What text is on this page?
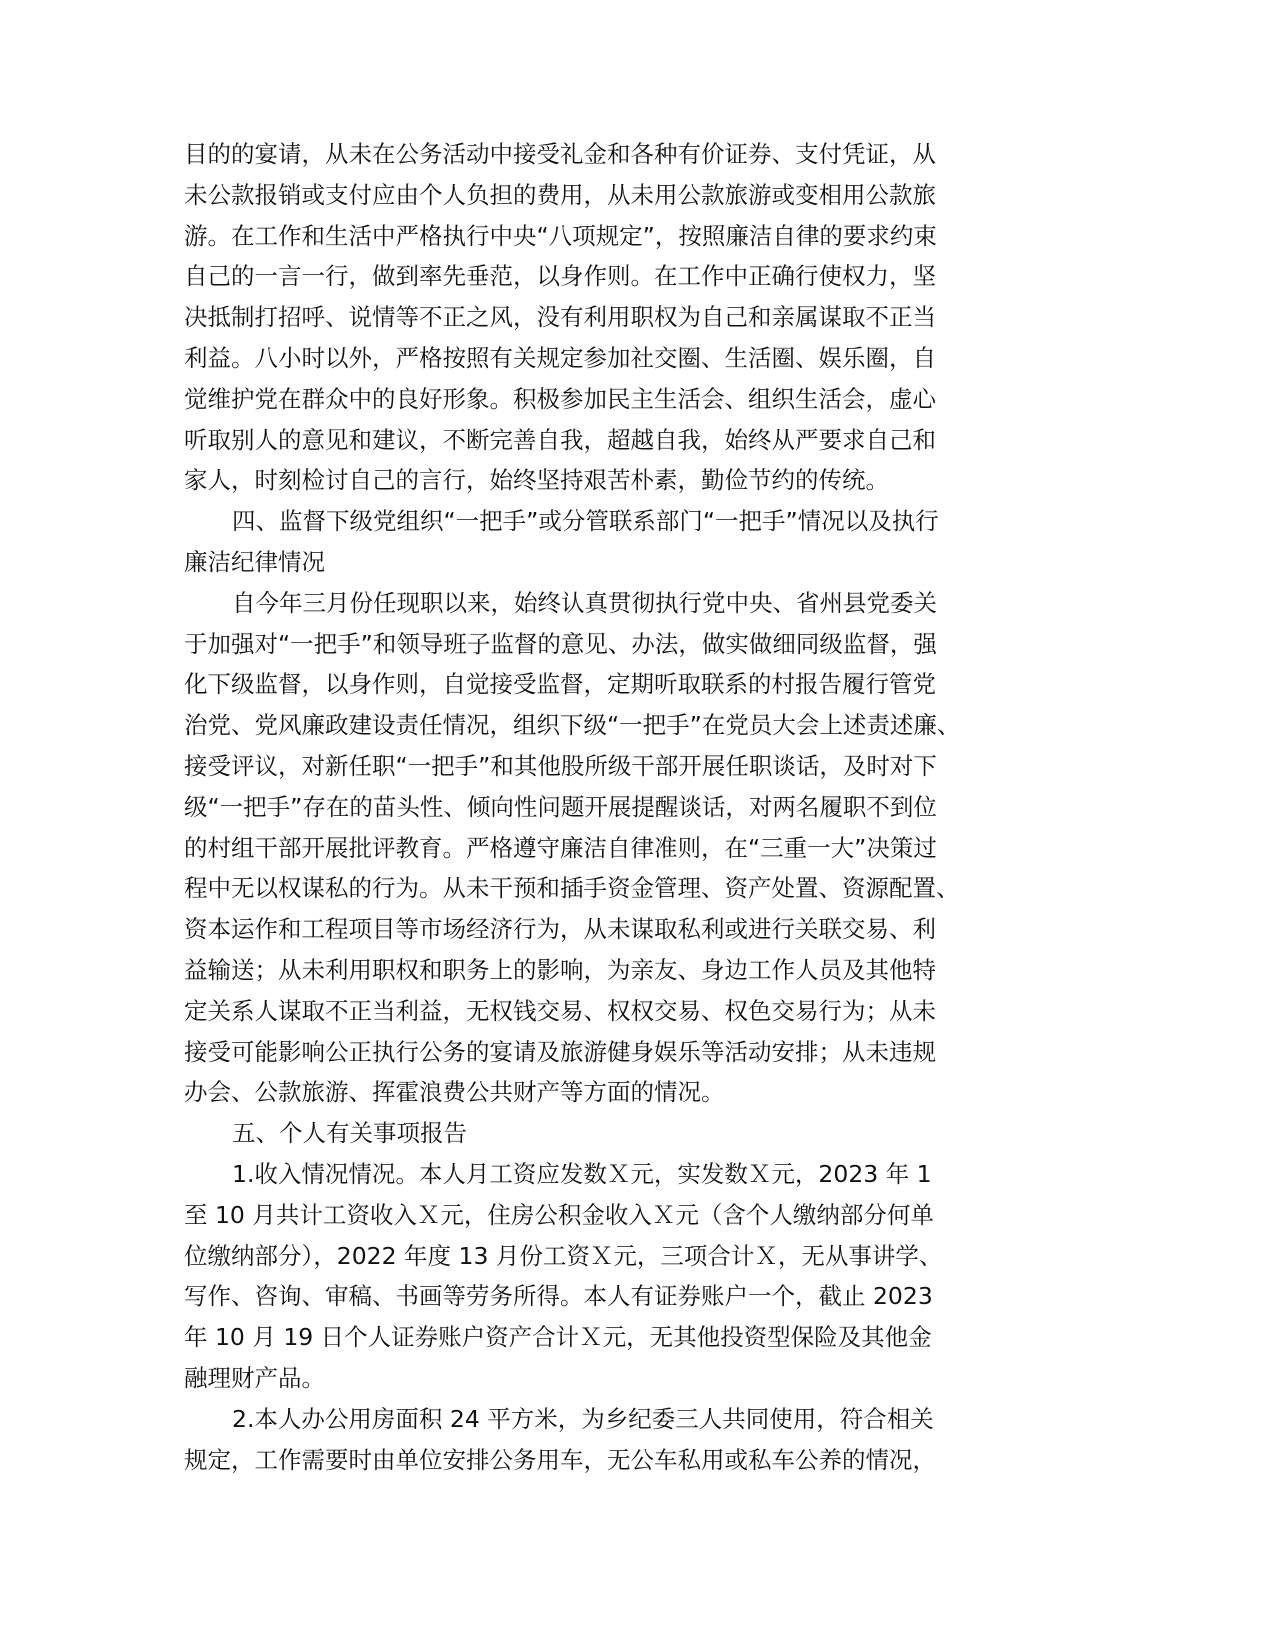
目的的宴请，从未在公务活动中接受礼金和各种有价证券、支付凭证，从
未公款报销或支付应由个人负担的费用，从未用公款旅游或变相用公款旅
游。在工作和生活中严格执行中央“八项规定”，按照廉洁自律的要求约束
自己的一言一行，做到率先垂范，以身作则。在工作中正确行使权力，坚
决抵制打招呼、说情等不正之风，没有利用职权为自己和亲属谋取不正当
利益。八小时以外，严格按照有关规定参加社交圈、生活圈、娱乐圈，自
觉维护党在群众中的良好形象。积极参加民主生活会、组织生活会，虚心
听取别人的意见和建议，不断完善自我，超越自我，始终从严要求自己和
家人，时刻检讨自己的言行，始终坚持艰苦朴素，勤俭节约的传统。
四、监督下级党组织“一把手”或分管联系部门“一把手”情况以及执行
廉洁纪律情况
自今年三月份任现职以来，始终认真贯彻执行党中央、省州县党委关
于加强对“一把手”和领导班子监督的意见、办法，做实做细同级监督，强
化下级监督，以身作则，自觉接受监督，定期听取联系的村报告履行管党
治党、党风廉政建设责任情况，组织下级“一把手”在党员大会上述责述廉、
接受评议，对新任职“一把手”和其他股所级干部开展任职谈话，及时对下
级“一把手”存在的苗头性、倾向性问题开展提醒谈话，对两名履职不到位
的村组干部开展批评教育。严格遵守廉洁自律准则，在“三重一大”决策过
程中无以权谋私的行为。从未干预和插手资金管理、资产处置、资源配置、
资本运作和工程项目等市场经济行为，从未谋取私利或进行关联交易、利
益输送；从未利用职权和职务上的影响，为亲友、身边工作人员及其他特
定关系人谋取不正当利益，无权钱交易、权权交易、权色交易行为；从未
接受可能影响公正执行公务的宴请及旅游健身娱乐等活动安排；从未违规
办会、公款旅游、挥霍浪费公共财产等方面的情况。
五、个人有关事项报告
1.收入情况情况。本人月工资应发数Ｘ元，实发数Ｘ元，2023 年 1
至 10 月共计工资收入Ｘ元，住房公积金收入Ｘ元（含个人缴纳部分何单
位缴纳部分），2022 年度 13 月份工资Ｘ元，三项合计Ｘ，无从事讲学、
写作、咨询、审稿、书画等劳务所得。本人有证券账户一个，截止 2023
年 10 月 19 日个人证券账户资产合计Ｘ元，无其他投资型保险及其他金
融理财产品。
2.本人办公用房面积 24 平方米，为乡纪委三人共同使用，符合相关
规定，工作需要时由单位安排公务用车，无公车私用或私车公养的情况，
